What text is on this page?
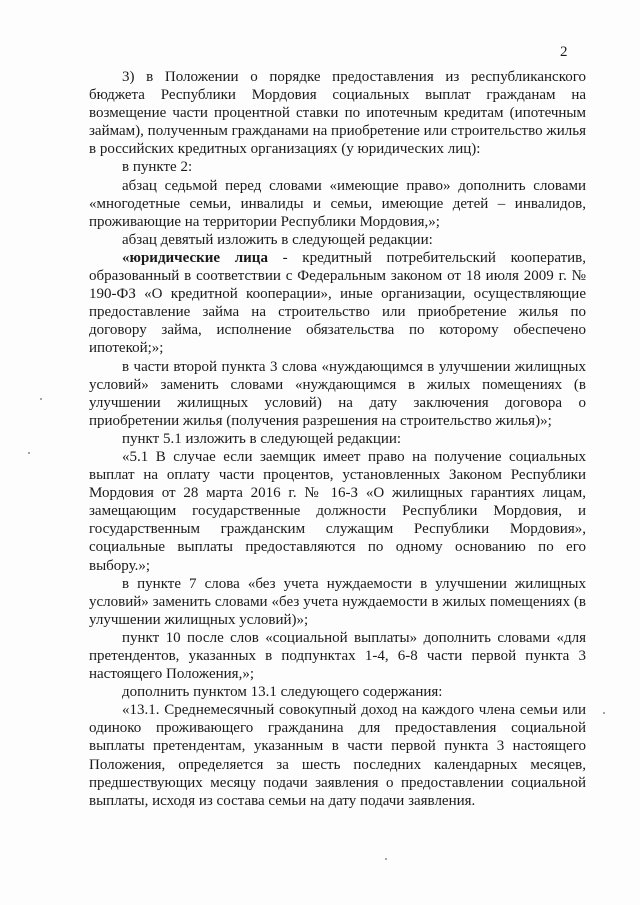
2

3) в Положении о порядке предоставления из республиканского бюджета Республики Мордовия социальных выплат гражданам на возмещение части процентной ставки по ипотечным кредитам (ипотечным займам), полученным гражданами на приобретение или строительство жилья в российских кредитных организациях (у юридических лиц):

в пункте 2:

абзац седьмой перед словами «имеющие право» дополнить словами «многодетные семьи, инвалиды и семьи, имеющие детей – инвалидов, проживающие на территории Республики Мордовия,»;

абзац девятый изложить в следующей редакции:

«юридические лица - кредитный потребительский кооператив, образованный в соответствии с Федеральным законом от 18 июля 2009 г. № 190-ФЗ «О кредитной кооперации», иные организации, осуществляющие предоставление займа на строительство или приобретение жилья по договору займа, исполнение обязательства по которому обеспечено ипотекой;»;

в части второй пункта 3 слова «нуждающимся в улучшении жилищных условий» заменить словами «нуждающимся в жилых помещениях (в улучшении жилищных условий) на дату заключения договора о приобретении жилья (получения разрешения на строительство жилья)»;

пункт 5.1 изложить в следующей редакции:

«5.1 В случае если заемщик имеет право на получение социальных выплат на оплату части процентов, установленных Законом Республики Мордовия от 28 марта 2016 г. № 16-З «О жилищных гарантиях лицам, замещающим государственные должности Республики Мордовия, и государственным гражданским служащим Республики Мордовия», социальные выплаты предоставляются по одному основанию по его выбору.»;

в пункте 7 слова «без учета нуждаемости в улучшении жилищных условий» заменить словами «без учета нуждаемости в жилых помещениях (в улучшении жилищных условий)»;

пункт 10 после слов «социальной выплаты» дополнить словами «для претендентов, указанных в подпунктах 1-4, 6-8 части первой пункта 3 настоящего Положения,»;

дополнить пунктом 13.1 следующего содержания:

«13.1. Среднемесячный совокупный доход на каждого члена семьи или одиноко проживающего гражданина для предоставления социальной выплаты претендентам, указанным в части первой пункта 3 настоящего Положения, определяется за шесть последних календарных месяцев, предшествующих месяцу подачи заявления о предоставлении социальной выплаты, исходя из состава семьи на дату подачи заявления.
